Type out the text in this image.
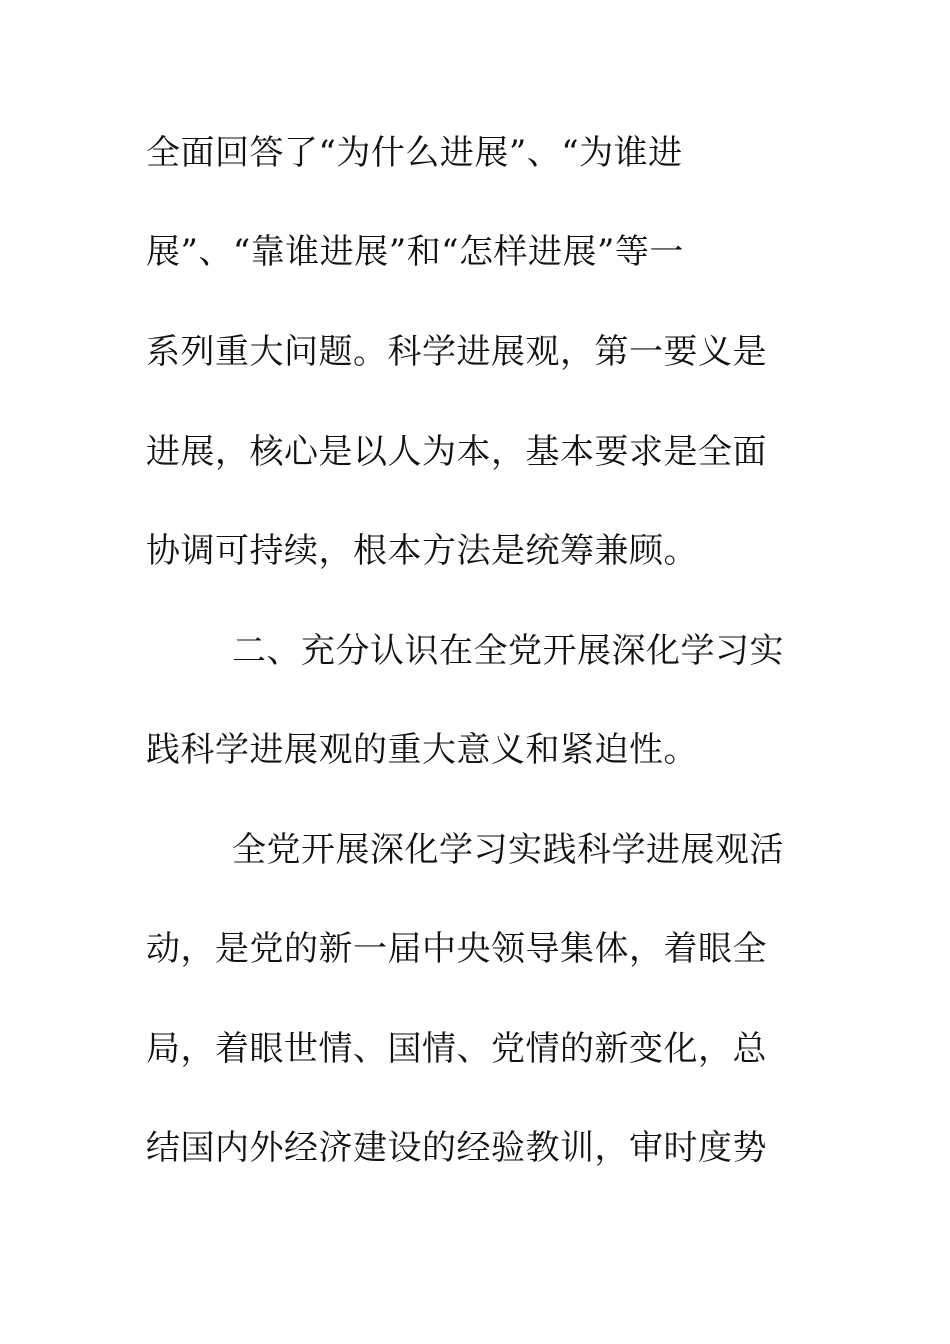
全面回答了“为什么进展”、“为谁进
展”、“靠谁进展”和“怎样进展”等一
系列重大问题。科学进展观，第一要义是
进展，核心是以人为本，基本要求是全面
协调可持续，根本方法是统筹兼顾。
二、充分认识在全党开展深化学习实
践科学进展观的重大意义和紧迫性。
全党开展深化学习实践科学进展观活
动，是党的新一届中央领导集体，着眼全
局，着眼世情、国情、党情的新变化，总
结国内外经济建设的经验教训，审时度势
